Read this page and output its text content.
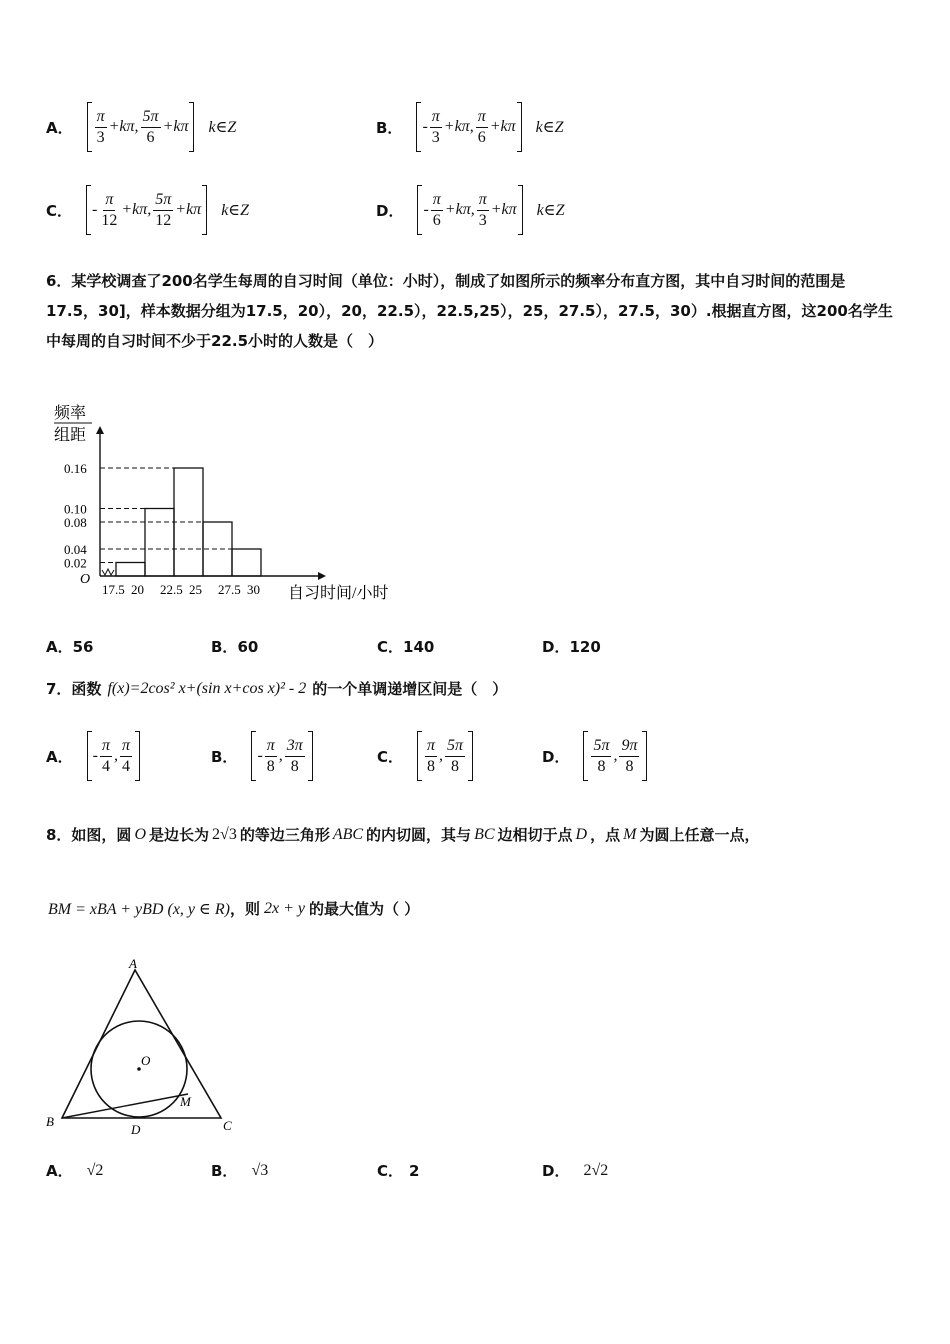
A． $\frac{\pi}{3} +k\pi$ , $\frac{5\pi}{6} +k\pi$ k∈Z	B． - $\frac{\pi}{3} +k\pi$ , $\frac{\pi}{6} +k\pi$ k∈Z
C． - $\frac{\pi}{12} +k\pi$ , $\frac{5\pi}{12} +k\pi$ k∈Z	D． - $\frac{\pi}{6} +k\pi$ , $\frac{\pi}{3} +k\pi$ k∈Z
6．某学校调查了200名学生每周的自习时间（单位：小时），制成了如图所示的频率分布直方图，其中自习时间的范围是17.5，30]，样本数据分组为17.5，20），20，22.5），22.5,25），25，27.5），27.5，30）.根据直方图，这200名学生中每周的自习时间不少于22.5小时的人数是（　）
频率
组距
O
0.02
0.04
0.08
0.10
0.16
17.5 20 22.5 25 27.5 30 自习时间/小时
A．56	B．60	C．140	D．120
7．函数 f(x)=2cos² x+(sin x+cos x)² - 2 的一个单调递增区间是（　）
A． - $\frac{\pi}{4}$ , $\frac{\pi}{4}$	B． - $\frac{\pi}{8}$ , $\frac{3\pi}{8}$	C． $\frac{\pi}{8}$ , $\frac{5\pi}{8}$	D． $\frac{5\pi}{8}$ , $\frac{9\pi}{8}$
8．如图，圆 O 是边长为 2√3 的等边三角形 ABC 的内切圆，其与 BC 边相切于点 D ，点 M 为圆上任意一点，
BM = xBA + yBD (x, y ∈ R) ，则 2x + y 的最大值为（ ）
A
B	C
D
O
M
A． √2	B． √3	C． 2	D． 2√2
